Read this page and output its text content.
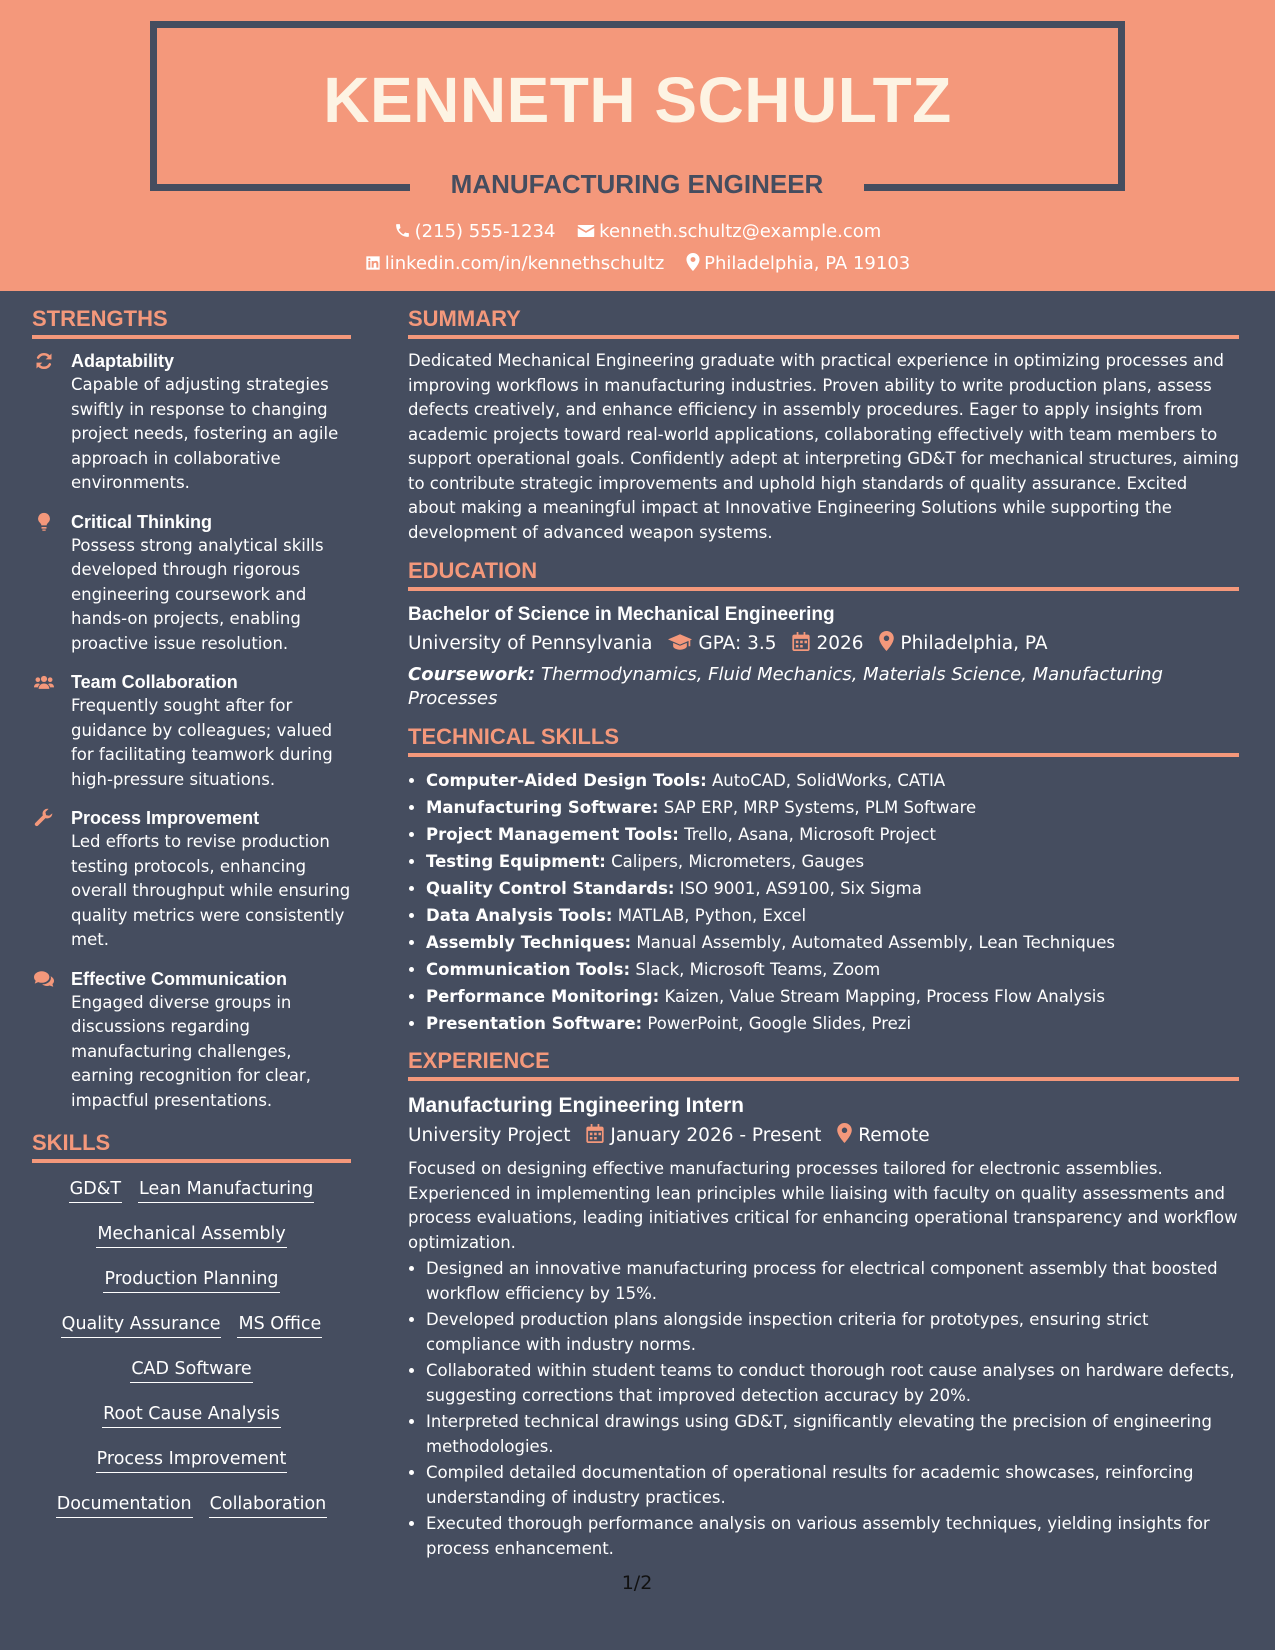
KENNETH SCHULTZ
MANUFACTURING ENGINEER
(215) 555-1234 kenneth.schultz@example.com
linkedin.com/in/kennethschultz Philadelphia, PA 19103
STRENGTHS
Adaptability
Capable of adjusting strategies swiftly in response to changing project needs, fostering an agile approach in collaborative environments.
Critical Thinking
Possess strong analytical skills developed through rigorous engineering coursework and hands-on projects, enabling proactive issue resolution.
Team Collaboration
Frequently sought after for guidance by colleagues; valued for facilitating teamwork during high-pressure situations.
Process Improvement
Led efforts to revise production testing protocols, enhancing overall throughput while ensuring quality metrics were consistently met.
Effective Communication
Engaged diverse groups in discussions regarding manufacturing challenges, earning recognition for clear, impactful presentations.
SKILLS
GD&T Lean Manufacturing
Mechanical Assembly
Production Planning
Quality Assurance MS Office
CAD Software
Root Cause Analysis
Process Improvement
Documentation Collaboration
SUMMARY

Dedicated Mechanical Engineering graduate with practical experience in optimizing processes and improving workflows in manufacturing industries. Proven ability to write production plans, assess defects creatively, and enhance efficiency in assembly procedures. Eager to apply insights from academic projects toward real-world applications, collaborating effectively with team members to support operational goals. Confidently adept at interpreting GD&T for mechanical structures, aiming to contribute strategic improvements and uphold high standards of quality assurance. Excited about making a meaningful impact at Innovative Engineering Solutions while supporting the development of advanced weapon systems.

EDUCATION
Bachelor of Science in Mechanical Engineering
University of Pennsylvania GPA: 3.5 2026 Philadelphia, PA
Coursework: Thermodynamics, Fluid Mechanics, Materials Science, Manufacturing Processes
TECHNICAL SKILLS
• Computer-Aided Design Tools: AutoCAD, SolidWorks, CATIA
• Manufacturing Software: SAP ERP, MRP Systems, PLM Software
• Project Management Tools: Trello, Asana, Microsoft Project
• Testing Equipment: Calipers, Micrometers, Gauges
• Quality Control Standards: ISO 9001, AS9100, Six Sigma
• Data Analysis Tools: MATLAB, Python, Excel
• Assembly Techniques: Manual Assembly, Automated Assembly, Lean Techniques
• Communication Tools: Slack, Microsoft Teams, Zoom
• Performance Monitoring: Kaizen, Value Stream Mapping, Process Flow Analysis
• Presentation Software: PowerPoint, Google Slides, Prezi
EXPERIENCE
Manufacturing Engineering Intern
University Project January 2026 - Present Remote

Focused on designing effective manufacturing processes tailored for electronic assemblies. Experienced in implementing lean principles while liaising with faculty on quality assessments and process evaluations, leading initiatives critical for enhancing operational transparency and workflow optimization.

• Designed an innovative manufacturing process for electrical component assembly that boosted workflow efficiency by 15%.
• Developed production plans alongside inspection criteria for prototypes, ensuring strict compliance with industry norms.
• Collaborated within student teams to conduct thorough root cause analyses on hardware defects, suggesting corrections that improved detection accuracy by 20%.
• Interpreted technical drawings using GD&T, significantly elevating the precision of engineering methodologies.
• Compiled detailed documentation of operational results for academic showcases, reinforcing understanding of industry practices.
• Executed thorough performance analysis on various assembly techniques, yielding insights for process enhancement.
1/2
